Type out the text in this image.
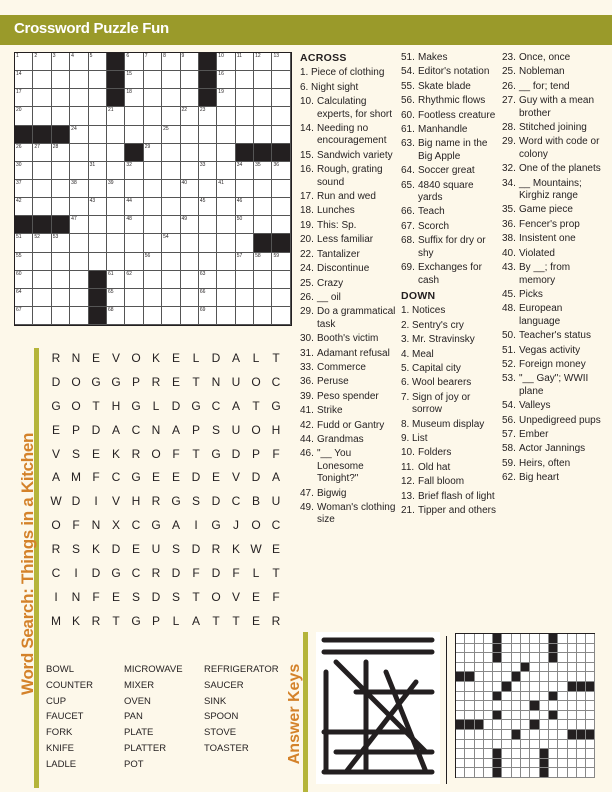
Crossword Puzzle Fun
1	2	3	4	5	6	7	8	9	10	11	12	13
14	15	16
17	18	19
20	21	22	23
24	25
26	27	28	29
30	31	32	33	34	35	36
37	38	39	40	41
42	43	44	45	46
47	48	49	50
51	52	53	54
55	56	57	58	59
60	61	62	63
64	65	66
67	68	69
ACROSS
1. Piece of clothing
6. Night sight
10. Calculating experts, for short
14. Needing no encouragement
15. Sandwich variety
16. Rough, grating sound
17. Run and wed
18. Lunches
19. This: Sp.
20. Less familiar
22. Tantalizer
24. Discontinue
25. Crazy
26. __ oil
29. Do a grammatical task
30. Booth's victim
31. Adamant refusal
33. Commerce
36. Peruse
39. Peso spender
41. Strike
42. Fudd or Gantry
44. Grandmas
46. "__ You Lonesome Tonight?"
47. Bigwig
49. Woman's clothing size
51. Makes
54. Editor's notation
55. Skate blade
56. Rhythmic flows
60. Footless creature
61. Manhandle
63. Big name in the Big Apple
64. Soccer great
65. 4840 square yards
66. Teach
67. Scorch
68. Suffix for dry or shy
69. Exchanges for cash
DOWN
1. Notices
2. Sentry's cry
3. Mr. Stravinsky
4. Meal
5. Capital city
6. Wool bearers
7. Sign of joy or sorrow
8. Museum display
9. List
10. Folders
11. Old hat
12. Fall bloom
13. Brief flash of light
21. Tipper and others
23. Once, once
25. Nobleman
26. __ for; tend
27. Guy with a mean brother
28. Stitched joining
29. Word with code or colony
32. One of the planets
34. __ Mountains; Kirghiz range
35. Game piece
36. Fencer's prop
38. Insistent one
40. Violated
43. By __; from memory
45. Picks
48. European language
50. Teacher's status
51. Vegas activity
52. Foreign money
53. "__ Gay"; WWII plane
54. Valleys
56. Unpedigreed pups
57. Ember
58. Actor Jannings
59. Heirs, often
62. Big heart
Word Search: Things in a Kitchen
R N E V O K E	L	D A	L	T
D O G G P R E	T N U O C
G O T H G L	D G C A	T G
E P D A C N A P S U O H
V S E K R O F	T G D P	F
A M F C G E E D E V D A
W D	I	V H R G S D C B U
O F N X C G A	I	G	J	O C
R S K D E U S D R K W E
C	I	D G C R D	F D	F	L	T
I	N	F	E S D S	T O V E	F
M K R	T G P	L	A	T	T	E R
BOWL	MICROWAVE	REFRIGERATOR
COUNTER	MIXER	SAUCER
CUP	OVEN	SINK
FAUCET	PAN	SPOON
FORK	PLATE	STOVE
KNIFE	PLATTER	TOASTER
LADLE	POT
Answer Keys
